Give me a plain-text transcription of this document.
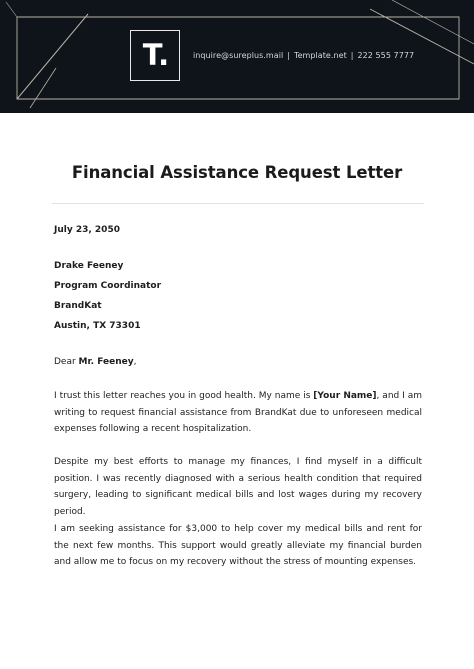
T.	inquire@sureplus.mail | Template.net | 222 555 7777
Financial Assistance Request Letter
July 23, 2050
Drake Feeney
Program Coordinator
BrandKat
Austin, TX 73301
Dear Mr. Feeney,
I trust this letter reaches you in good health. My name is [Your Name], and I am writing to request financial assistance from BrandKat due to unforeseen medical expenses following a recent hospitalization.
Despite my best efforts to manage my finances, I find myself in a difficult position. I was recently diagnosed with a serious health condition that required surgery, leading to significant medical bills and lost wages during my recovery period.
I am seeking assistance for $3,000 to help cover my medical bills and rent for the next few months. This support would greatly alleviate my financial burden and allow me to focus on my recovery without the stress of mounting expenses.
